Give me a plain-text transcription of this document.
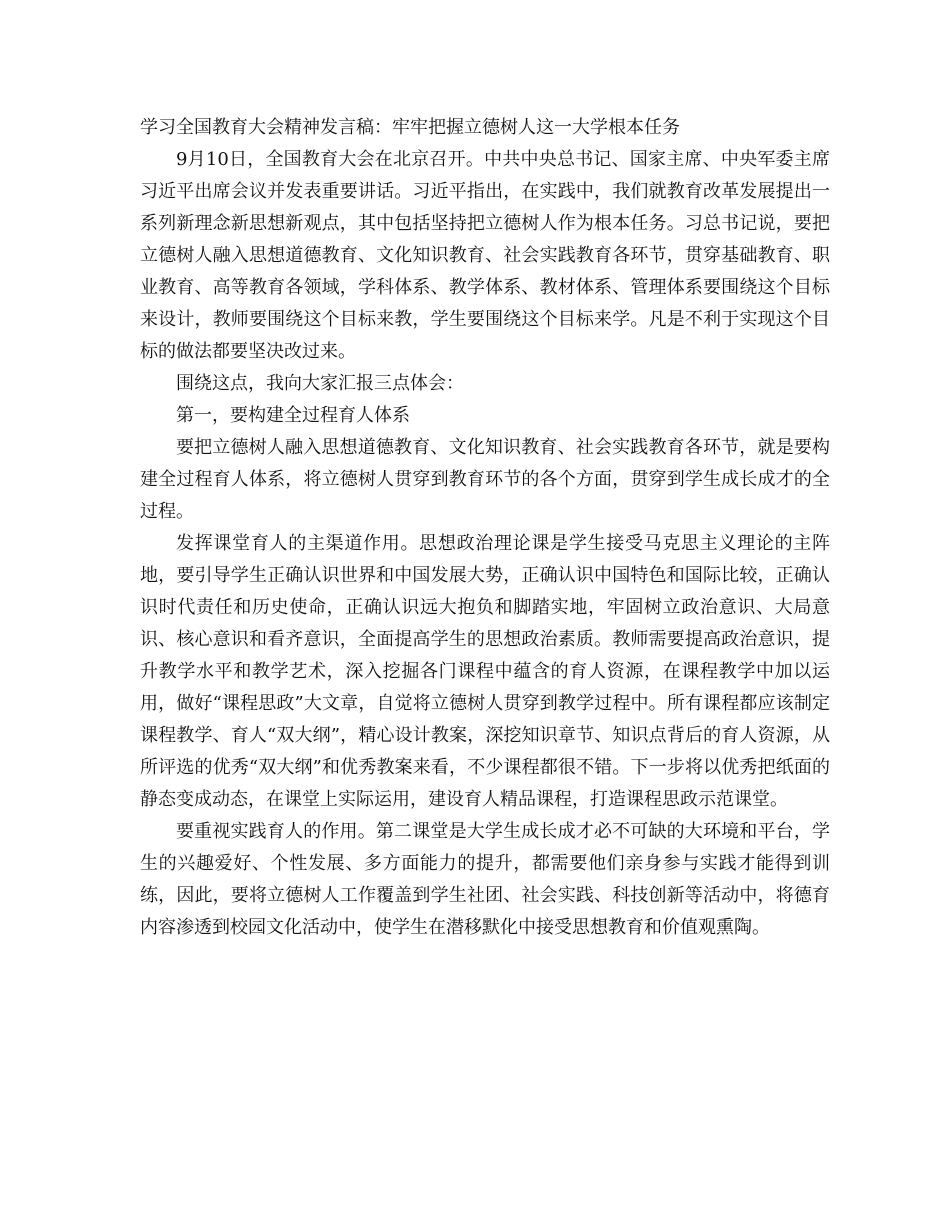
学习全国教育大会精神发言稿：牢牢把握立德树人这一大学根本任务

9月10日，全国教育大会在北京召开。中共中央总书记、国家主席、中央军委主席习近平出席会议并发表重要讲话。习近平指出，在实践中，我们就教育改革发展提出一系列新理念新思想新观点，其中包括坚持把立德树人作为根本任务。习总书记说，要把立德树人融入思想道德教育、文化知识教育、社会实践教育各环节，贯穿基础教育、职业教育、高等教育各领域，学科体系、教学体系、教材体系、管理体系要围绕这个目标来设计，教师要围绕这个目标来教，学生要围绕这个目标来学。凡是不利于实现这个目标的做法都要坚决改过来。

围绕这点，我向大家汇报三点体会：

第一，要构建全过程育人体系

要把立德树人融入思想道德教育、文化知识教育、社会实践教育各环节，就是要构建全过程育人体系，将立德树人贯穿到教育环节的各个方面，贯穿到学生成长成才的全过程。

发挥课堂育人的主渠道作用。思想政治理论课是学生接受马克思主义理论的主阵地，要引导学生正确认识世界和中国发展大势，正确认识中国特色和国际比较，正确认识时代责任和历史使命，正确认识远大抱负和脚踏实地，牢固树立政治意识、大局意识、核心意识和看齐意识，全面提高学生的思想政治素质。教师需要提高政治意识，提升教学水平和教学艺术，深入挖掘各门课程中蕴含的育人资源，在课程教学中加以运用，做好“课程思政”大文章，自觉将立德树人贯穿到教学过程中。所有课程都应该制定课程教学、育人“双大纲”，精心设计教案，深挖知识章节、知识点背后的育人资源，从所评选的优秀“双大纲”和优秀教案来看，不少课程都很不错。下一步将以优秀把纸面的静态变成动态，在课堂上实际运用，建设育人精品课程，打造课程思政示范课堂。

要重视实践育人的作用。第二课堂是大学生成长成才必不可缺的大环境和平台，学生的兴趣爱好、个性发展、多方面能力的提升，都需要他们亲身参与实践才能得到训练，因此，要将立德树人工作覆盖到学生社团、社会实践、科技创新等活动中，将德育内容渗透到校园文化活动中，使学生在潜移默化中接受思想教育和价值观熏陶。
